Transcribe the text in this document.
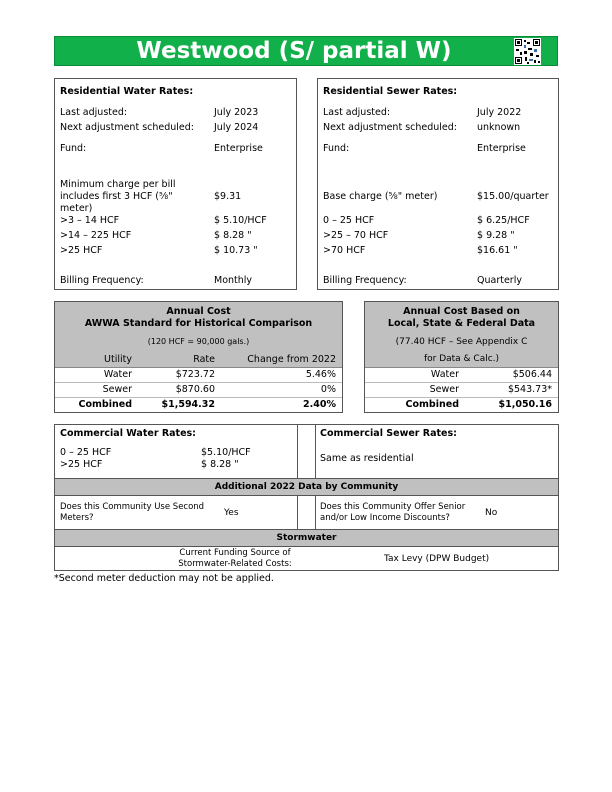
Westwood (S/ partial W)
Residential Water Rates:
Last adjusted:	July 2023
Next adjustment scheduled: July 2024
Fund:	Enterprise
Minimum charge per bill
includes first 3 HCF (⅝"
meter)
$9.31
>3 – 14 HCF	$ 5.10/HCF
>14 – 225 HCF	$ 8.28 "
>25 HCF	$ 10.73 "
Billing Frequency:	Monthly
Residential Sewer Rates:
Last adjusted:	July 2022
Next adjustment scheduled: unknown
Fund:	Enterprise
Base charge (⅝" meter)	$15.00/quarter
0 – 25 HCF	$ 6.25/HCF
>25 – 70 HCF	$ 9.28 "
>70 HCF	$16.61 "
Billing Frequency:	Quarterly
Annual Cost
AWWA Standard for Historical Comparison
(120 HCF = 90,000 gals.)
Utility	Rate	Change from 2022
Water	$723.72	5.46%
Sewer	$870.60	0%
Combined	$1,594.32	2.40%
Annual Cost Based on
Local, State & Federal Data
(77.40 HCF – See Appendix C
for Data & Calc.)
Water	$506.44
Sewer	$543.73*
Combined	$1,050.16
Commercial Water Rates:
0 – 25 HCF	$5.10/HCF
>25 HCF	$ 8.28 "
Commercial Sewer Rates:
Same as residential
Additional 2022 Data by Community
Does this Community Use Second
Meters?	Yes
Does this Community Offer Senior
and/or Low Income Discounts?	No
Stormwater
Current Funding Source of
Stormwater-Related Costs:	Tax Levy (DPW Budget)
*Second meter deduction may not be applied.
